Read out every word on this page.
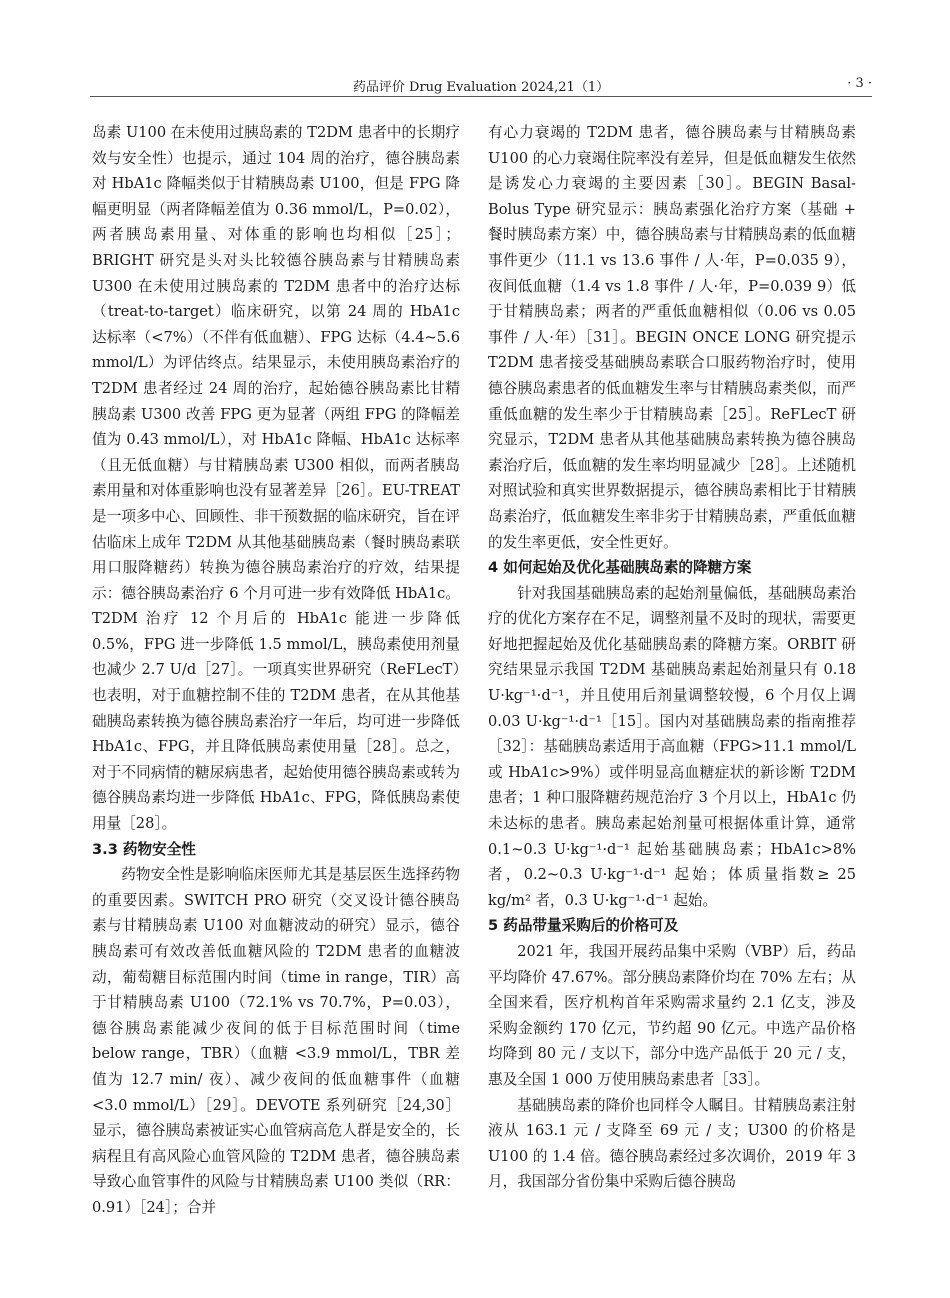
药品评价 Drug Evaluation 2024,21（1）	· 3 ·

岛素 U100 在未使用过胰岛素的 T2DM 患者中的长期疗效与安全性）也提示，通过 104 周的治疗，德谷胰岛素对 HbA1c 降幅类似于甘精胰岛素 U100，但是 FPG 降幅更明显（两者降幅差值为 0.36 mmol/L，P=0.02），两者胰岛素用量、对体重的影响也均相似［25］；BRIGHT 研究是头对头比较德谷胰岛素与甘精胰岛素 U300 在未使用过胰岛素的 T2DM 患者中的治疗达标（treat-to-target）临床研究，以第 24 周的 HbA1c 达标率（<7%）（不伴有低血糖）、FPG 达标（4.4~5.6 mmol/L）为评估终点。结果显示，未使用胰岛素治疗的 T2DM 患者经过 24 周的治疗，起始德谷胰岛素比甘精胰岛素 U300 改善 FPG 更为显著（两组 FPG 的降幅差值为 0.43 mmol/L），对 HbA1c 降幅、HbA1c 达标率（且无低血糖）与甘精胰岛素 U300 相似，而两者胰岛素用量和对体重影响也没有显著差异［26］。EU-TREAT 是一项多中心、回顾性、非干预数据的临床研究，旨在评估临床上成年 T2DM 从其他基础胰岛素（餐时胰岛素联用口服降糖药）转换为德谷胰岛素治疗的疗效，结果提示：德谷胰岛素治疗 6 个月可进一步有效降低 HbA1c。T2DM 治疗 12 个月后的 HbA1c 能进一步降低 0.5%，FPG 进一步降低 1.5 mmol/L，胰岛素使用剂量也减少 2.7 U/d［27］。一项真实世界研究（ReFLecT）也表明，对于血糖控制不佳的 T2DM 患者，在从其他基础胰岛素转换为德谷胰岛素治疗一年后，均可进一步降低 HbA1c、FPG，并且降低胰岛素使用量［28］。总之，对于不同病情的糖尿病患者，起始使用德谷胰岛素或转为德谷胰岛素均进一步降低 HbA1c、FPG，降低胰岛素使用量［28］。

3.3 药物安全性

药物安全性是影响临床医师尤其是基层医生选择药物的重要因素。SWITCH PRO 研究（交叉设计德谷胰岛素与甘精胰岛素 U100 对血糖波动的研究）显示，德谷胰岛素可有效改善低血糖风险的 T2DM 患者的血糖波动，葡萄糖目标范围内时间（time in range，TIR）高于甘精胰岛素 U100（72.1% vs 70.7%，P=0.03），德谷胰岛素能减少夜间的低于目标范围时间（time below range，TBR）（血糖 <3.9 mmol/L，TBR 差值为 12.7 min/ 夜）、减少夜间的低血糖事件（血糖 <3.0 mmol/L）［29］。DEVOTE 系列研究［24,30］显示，德谷胰岛素被证实心血管病高危人群是安全的，长病程且有高风险心血管风险的 T2DM 患者，德谷胰岛素导致心血管事件的风险与甘精胰岛素 U100 类似（RR：0.91）［24］；合并

有心力衰竭的 T2DM 患者，德谷胰岛素与甘精胰岛素 U100 的心力衰竭住院率没有差异，但是低血糖发生依然是诱发心力衰竭的主要因素［30］。BEGIN Basal-Bolus Type 研究显示：胰岛素强化治疗方案（基础 + 餐时胰岛素方案）中，德谷胰岛素与甘精胰岛素的低血糖事件更少（11.1 vs 13.6 事件 / 人·年，P=0.035 9），夜间低血糖（1.4 vs 1.8 事件 / 人·年，P=0.039 9）低于甘精胰岛素；两者的严重低血糖相似（0.06 vs 0.05 事件 / 人·年）［31］。BEGIN ONCE LONG 研究提示 T2DM 患者接受基础胰岛素联合口服药物治疗时，使用德谷胰岛素患者的低血糖发生率与甘精胰岛素类似，而严重低血糖的发生率少于甘精胰岛素［25］。ReFLecT 研究显示，T2DM 患者从其他基础胰岛素转换为德谷胰岛素治疗后，低血糖的发生率均明显减少［28］。上述随机对照试验和真实世界数据提示，德谷胰岛素相比于甘精胰岛素治疗，低血糖发生率非劣于甘精胰岛素，严重低血糖的发生率更低，安全性更好。

4 如何起始及优化基础胰岛素的降糖方案

针对我国基础胰岛素的起始剂量偏低，基础胰岛素治疗的优化方案存在不足，调整剂量不及时的现状，需要更好地把握起始及优化基础胰岛素的降糖方案。ORBIT 研究结果显示我国 T2DM 基础胰岛素起始剂量只有 0.18 U·kg⁻¹·d⁻¹，并且使用后剂量调整较慢，6 个月仅上调 0.03 U·kg⁻¹·d⁻¹［15］。国内对基础胰岛素的指南推荐［32］：基础胰岛素适用于高血糖（FPG>11.1 mmol/L 或 HbA1c>9%）或伴明显高血糖症状的新诊断 T2DM 患者；1 种口服降糖药规范治疗 3 个月以上，HbA1c 仍未达标的患者。胰岛素起始剂量可根据体重计算，通常 0.1~0.3 U·kg⁻¹·d⁻¹ 起始基础胰岛素；HbA1c>8% 者，0.2~0.3 U·kg⁻¹·d⁻¹ 起始；体质量指数≥ 25 kg/m² 者，0.3 U·kg⁻¹·d⁻¹ 起始。

5 药品带量采购后的价格可及

2021 年，我国开展药品集中采购（VBP）后，药品平均降价 47.67%。部分胰岛素降价均在 70% 左右；从全国来看，医疗机构首年采购需求量约 2.1 亿支，涉及采购金额约 170 亿元，节约超 90 亿元。中选产品价格均降到 80 元 / 支以下，部分中选产品低于 20 元 / 支，惠及全国 1 000 万使用胰岛素患者［33］。

基础胰岛素的降价也同样令人瞩目。甘精胰岛素注射液从 163.1 元 / 支降至 69 元 / 支；U300 的价格是 U100 的 1.4 倍。德谷胰岛素经过多次调价，2019 年 3 月，我国部分省份集中采购后德谷胰岛
